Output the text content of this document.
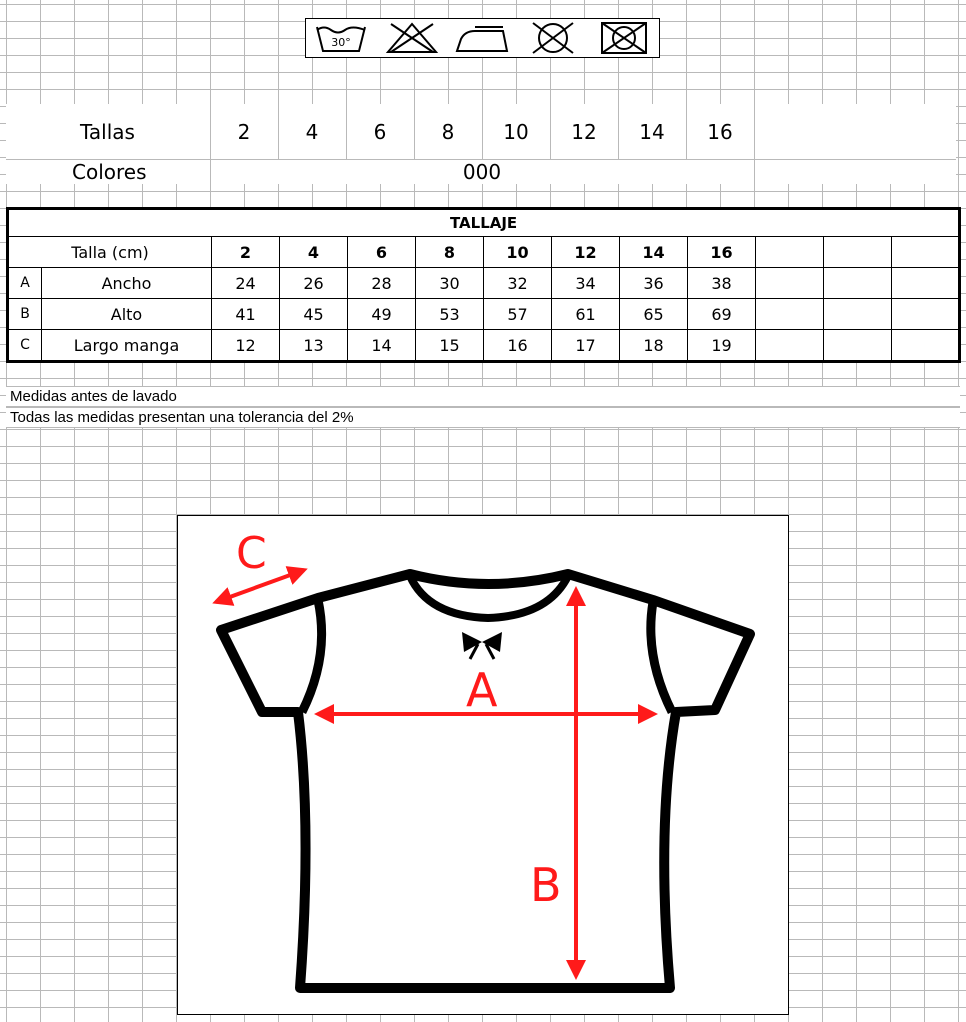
30°
Tallas	2	4	6	8	10	12	14	16
Colores	000
TALLAJE												
Talla (cm)		2	4	6	8	10	12	14	16			
A	Ancho	24	26	28	30	32	34	36	38			
B	Alto	41	45	49	53	57	61	65	69			
C	Largo manga	12	13	14	15	16	17	18	19			
Medidas antes de lavado
Todas las medidas presentan una tolerancia del 2%
A
B
C
